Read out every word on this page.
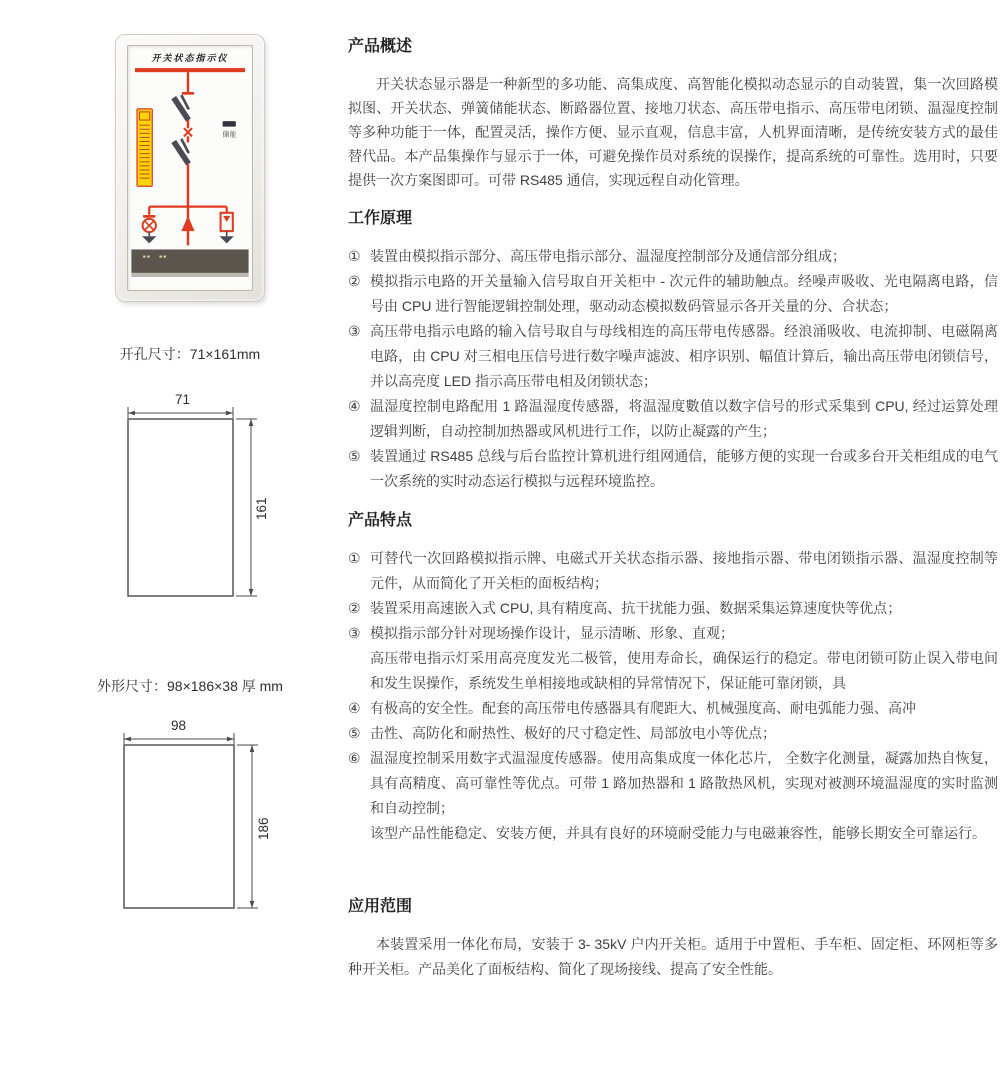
开关状态指示仪
储能
开孔尺寸：71×161mm
71
161
外形尺寸：98×186×38 厚 mm
98
186
产品概述

开关状态显示器是一种新型的多功能、高集成度、高智能化模拟动态显示的自动装置，集一次回路模拟图、开关状态、弹簧储能状态、断路器位置、接地刀状态、高压带电指示、高压带电闭锁、温湿度控制等多种功能于一体，配置灵活，操作方便、显示直观，信息丰富，人机界面清晰，是传统安装方式的最佳替代品。本产品集操作与显示于一体，可避免操作员对系统的误操作，提高系统的可靠性。选用时，只要提供一次方案图即可。可带 RS485 通信，实现远程自动化管理。

工作原理
① 装置由模拟指示部分、高压带电指示部分、温湿度控制部分及通信部分组成；
② 模拟指示电路的开关量输入信号取自开关柜中 - 次元件的辅助触点。经噪声吸收、光电隔离电路，信号由 CPU 进行智能逻辑控制处理，驱动动态模拟数码管显示各开关量的分、合状态；
③ 高压带电指示电路的输入信号取自与母线相连的高压带电传感器。经浪涌吸收、电流抑制、电磁隔离电路，由 CPU 对三相电压信号进行数字噪声滤波、相序识别、幅值计算后，输出高压带电闭锁信号，并以高亮度 LED 指示高压带电相及闭锁状态；
④ 温湿度控制电路配用 1 路温湿度传感器，将温湿度數值以数字信号的形式采集到 CPU, 经过运算处理逻辑判断，自动控制加热器或风机进行工作，以防止凝露的产生；
⑤ 装置通过 RS485 总线与后台监控计算机进行组网通信，能够方便的实现一台或多台开关柜组成的电气一次系统的实时动态运行模拟与远程环境监控。
产品特点
① 可替代一次回路模拟指示牌、电磁式开关状态指示器、接地指示器、带电闭锁指示器、温湿度控制等元件，从而简化了开关柜的面板结构；
② 装置采用高速嵌入式 CPU, 具有精度高、抗干扰能力强、数据采集运算速度快等优点；
③ 模拟指示部分针对现场操作设计，显示清晰、形象、直观；
高压带电指示灯采用高亮度发光二极管，使用寿命长，确保运行的稳定。带电闭锁可防止误入带电间和发生误操作，系统发生单相接地或缺相的异常情况下，保证能可靠闭锁，具
④ 有极高的安全性。配套的高压带电传感器具有爬距大、机械强度高、耐电弧能力强、高冲
⑤ 击性、高防化和耐热性、极好的尺寸稳定性、局部放电小等优点；
⑥ 温湿度控制采用数字式温湿度传感器。使用高集成度一体化芯片， 全数字化测量，凝露加热自恢复，具有高精度、高可靠性等优点。可带 1 路加热器和 1 路散热风机，实现对被测环境温湿度的实时监测和自动控制；
该型产品性能稳定、安装方便，并具有良好的环境耐受能力与电磁兼容性，能够长期安全可靠运行。
应用范围

本装置采用一体化布局，安装于 3- 35kV 户内开关柜。适用于中置柜、手车柜、固定柜、环网柜等多种开关柜。产品美化了面板结构、简化了现场接线、提高了安全性能。
